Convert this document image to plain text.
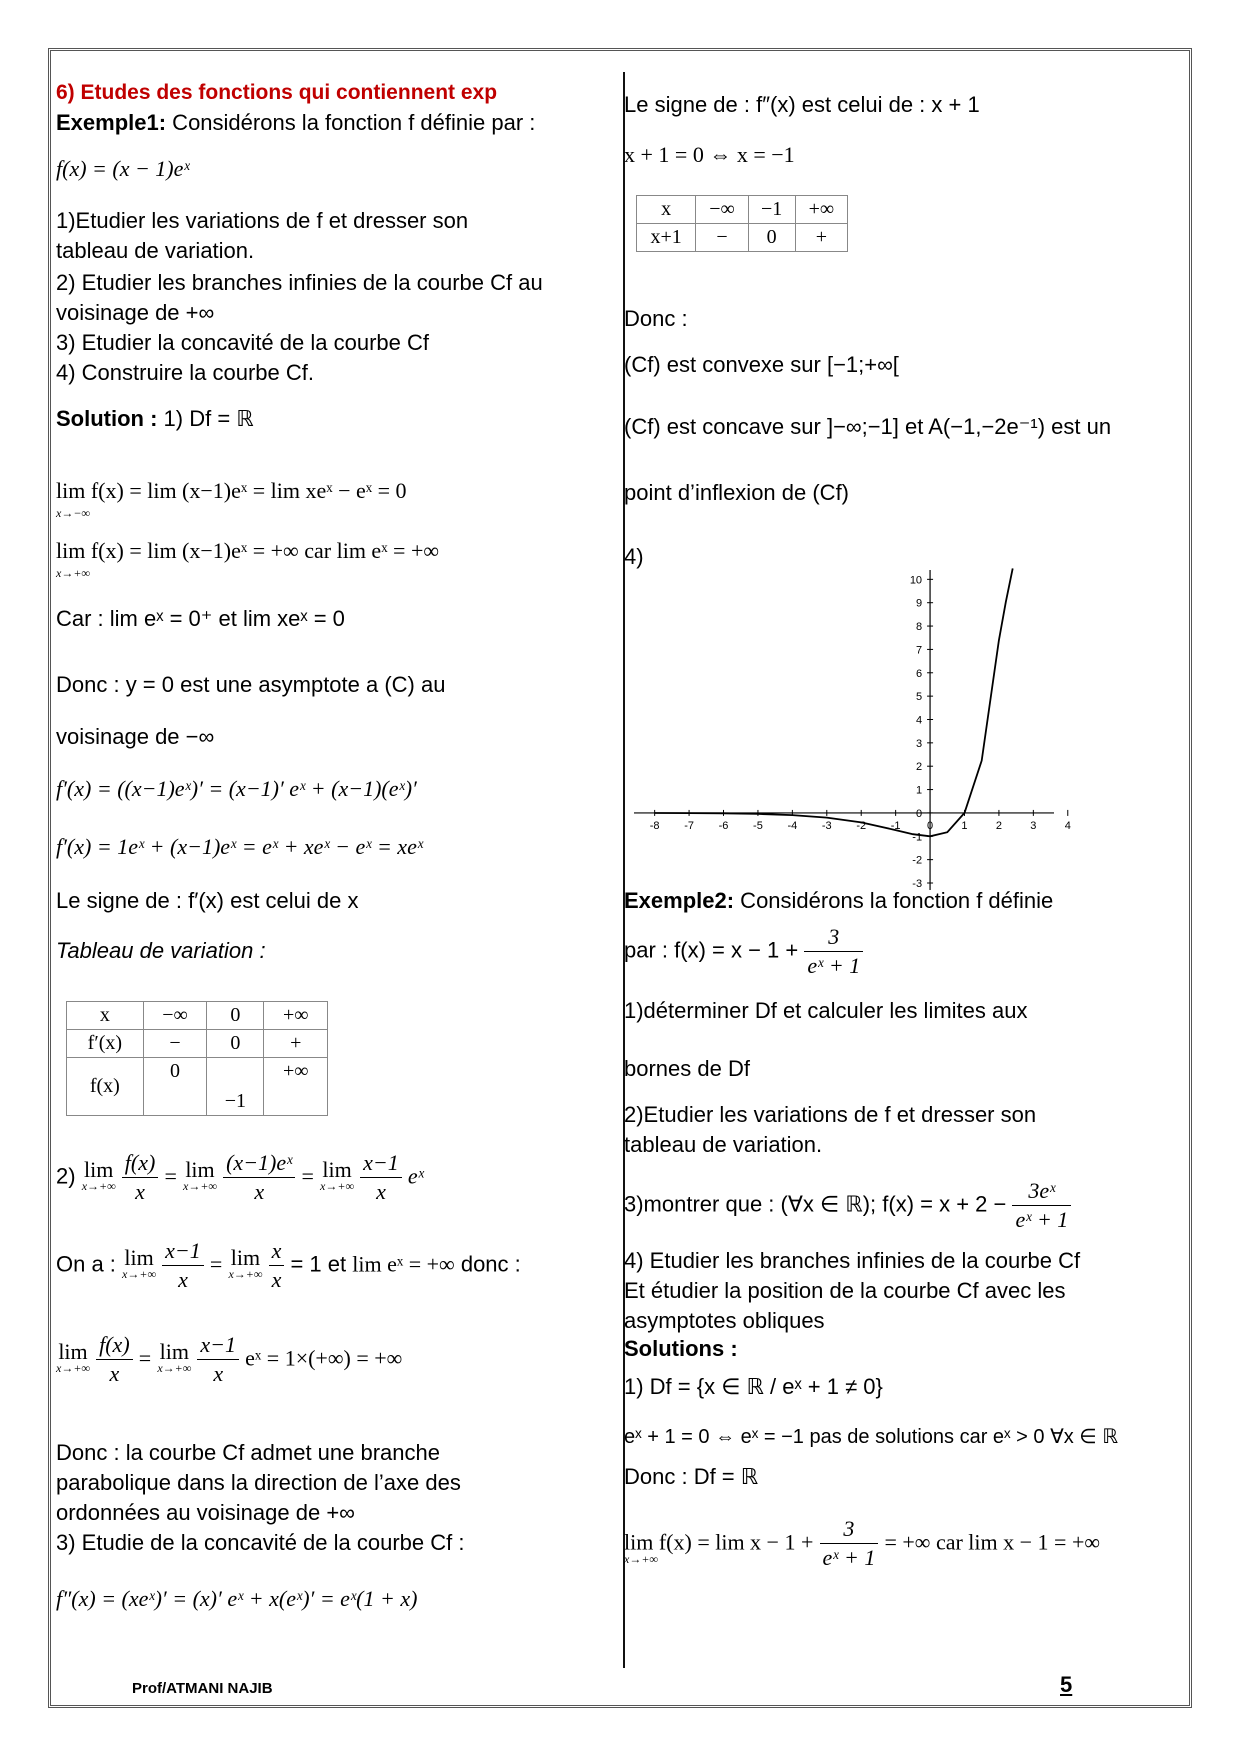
6) Etudes des fonctions qui contiennent exp
Exemple1: Considérons la fonction f définie par :
f(x) = (x − 1)eˣ
1)Etudier les variations de f et dresser son
tableau de variation.
2) Etudier les branches infinies de la courbe Cf au
voisinage de +∞
3) Etudier la concavité de la courbe Cf
4) Construire la courbe Cf.
Solution : 1) Df = ℝ
lim f(x) = lim (x−1)eˣ = lim xeˣ − eˣ = 0
x→−∞
lim f(x) = lim (x−1)eˣ = +∞ car lim eˣ = +∞
x→+∞
Car : lim eˣ = 0⁺ et lim xeˣ = 0
Donc : y = 0 est une asymptote a (C) au
voisinage de −∞
f′(x) = ((x−1)eˣ)′ = (x−1)′ eˣ + (x−1)(eˣ)′
f′(x) = 1eˣ + (x−1)eˣ = eˣ + xeˣ − eˣ = xeˣ
Le signe de : f′(x) est celui de x
Tableau de variation :
x	−∞	0	+∞
f′(x)	−	0	+
f(x)	0	−1	+∞
2) lim
x→+∞
$\frac{f(x)}{x} = \lim$
x→+∞
$\frac{\text{(x−1)eˣ}}{x} = \lim$
x→+∞
$\frac{x-1}{x}$ eˣ
On a : lim
x→+∞
$\frac{x-1}{x} = \lim$
x→+∞
$\frac{x}{x} = 1$ et lim eˣ = +∞ donc :
lim
x→+∞
$\frac{f(x)}{x} = \lim$
x→+∞
$\frac{x-1}{x}$ eˣ = 1×(+∞) = +∞
Donc : la courbe Cf admet une branche
parabolique dans la direction de l’axe des
ordonnées au voisinage de +∞
3) Etudie de la concavité de la courbe Cf :
f″(x) = (xeˣ)′ = (x)′ eˣ + x(eˣ)′ = eˣ(1 + x)
Le signe de : f″(x) est celui de : x + 1
x + 1 = 0 ⇔ x = −1
x	−∞	−1	+∞
x+1	−	0	+
Donc :
(Cf) est convexe sur [−1;+∞[
(Cf) est concave sur ]−∞;−1] et A(−1,−2e⁻¹) est un
point d’inflexion de (Cf)
4)
-8 -7 -6 -5 -4 -3 -2 -1 0	1	2	3	4
-3
-2
-1
0
1
2
3
4
5
6
7
8
9
10
Exemple2: Considérons la fonction f définie
par : $f(x) = x - 1 + \frac{3}{\text{eˣ + 1}}$
1)déterminer Df et calculer les limites aux
bornes de Df
2)Etudier les variations de f et dresser son
tableau de variation.
3)montrer que : (∀x ∈ ℝ); $f(x) = x + 2 - \frac{\text{3eˣ}}{\text{eˣ + 1}}$
4) Etudier les branches infinies de la courbe Cf
Et étudier la position de la courbe Cf avec les
asymptotes obliques
Solutions :
1) Df = {x ∈ ℝ / eˣ + 1 ≠ 0}
eˣ + 1 = 0 ⇔ eˣ = −1 pas de solutions car eˣ > 0 ∀x ∈ ℝ
Donc : Df = ℝ
$\lim f(x) = \lim x - 1 + \frac{3}{\text{eˣ + 1}}$ = +∞ car lim x − 1 = +∞
x→+∞
Prof/ATMANI NAJIB	5
